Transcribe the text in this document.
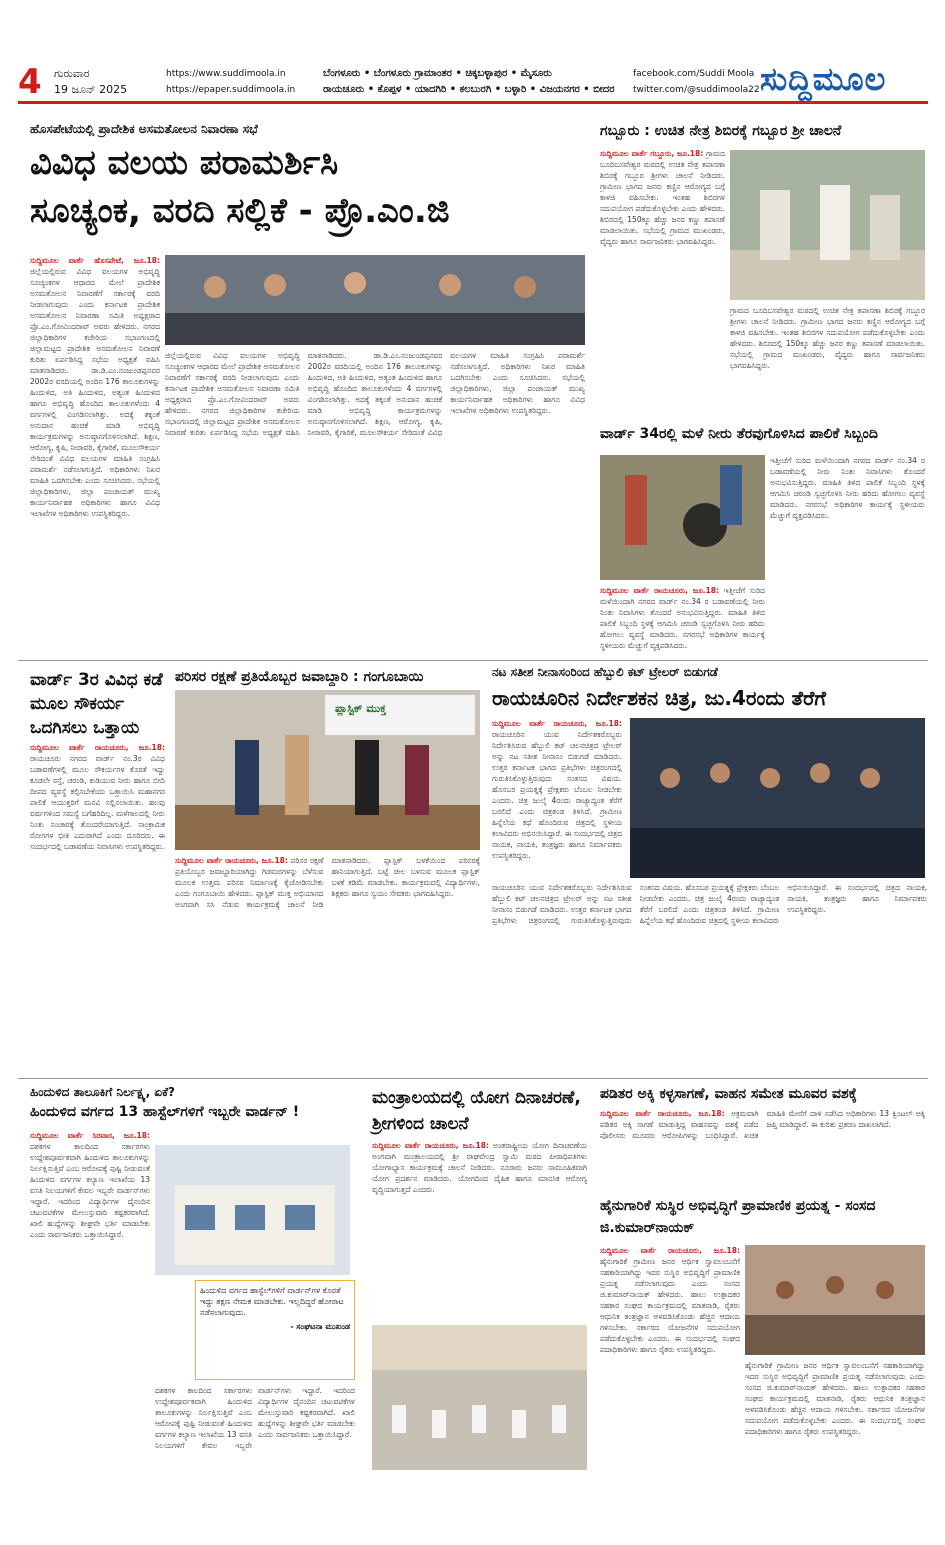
4 ಗುರುವಾರ
19 ಜೂನ್ 2025
https://www.suddimoola.in
https://epaper.suddimoola.in
ಬೆಂಗಳೂರು • ಬೆಂಗಳೂರು ಗ್ರಾಮಾಂತರ • ಚಿಕ್ಕಬಳ್ಳಾಪುರ • ಮೈಸೂರು
ರಾಯಚೂರು • ಕೊಪ್ಪಳ • ಯಾದಗಿರಿ • ಕಲಬುರಗಿ • ಬಳ್ಳಾರಿ • ವಿಜಯನಗರ • ಬೀದರ
facebook.com/Suddi Moola
twitter.com/@suddimoola22 ಸುದ್ದಿಮೂಲ
ಹೊಸಪೇಟೆಯಲ್ಲಿ ಪ್ರಾದೇಶಿಕ ಅಸಮತೋಲನ ನಿವಾರಣಾ ಸಭೆ
ವಿವಿಧ ವಲಯ ಪರಾಮರ್ಶಿಸಿ
ಸೂಚ್ಯಂಕ, ವರದಿ ಸಲ್ಲಿಕೆ - ಪ್ರೊ.ಎಂ.ಜಿ
ಸುದ್ದಿಮೂಲ ವಾರ್ತೆ ಹೊಸಪೇಟೆ, ಜೂ.18: ಜಿಲ್ಲೆಯಲ್ಲಿರುವ ವಿವಿಧ ವಲಯಗಳ ಅಭಿವೃದ್ಧಿ ಸೂಚ್ಯಂಕಗಳ ಆಧಾರದ ಮೇಲೆ ಪ್ರಾದೇಶಿಕ ಅಸಮತೋಲನ ನಿವಾರಣೆಗೆ ಸರ್ಕಾರಕ್ಕೆ ವರದಿ ನೀಡಲಾಗುವುದು ಎಂದು ಕರ್ನಾಟಕ ಪ್ರಾದೇಶಿಕ ಅಸಮತೋಲನ ನಿವಾರಣಾ ಸಮಿತಿ ಅಧ್ಯಕ್ಷರಾದ ಪ್ರೊ.ಎಂ.ಗೋವಿಂದರಾವ್ ಅವರು ಹೇಳಿದರು. ನಗರದ ಜಿಲ್ಲಾಧಿಕಾರಿಗಳ ಕಚೇರಿಯ ಸಭಾಂಗಣದಲ್ಲಿ ಜಿಲ್ಲಾಮಟ್ಟದ ಪ್ರಾದೇಶಿಕ ಅಸಮತೋಲನ ನಿವಾರಣೆ ಕುರಿತು ಏರ್ಪಡಿಸಿದ್ದ ಸಭೆಯ ಅಧ್ಯಕ್ಷತೆ ವಹಿಸಿ ಮಾತನಾಡಿದರು. ಡಾ.ಡಿ.ಎಂ.ನಂಜುಂಡಪ್ಪನವರ 2002ರ ವರದಿಯಲ್ಲಿ ಅಂದಿನ 176 ತಾಲೂಕುಗಳನ್ನು ಹಿಂದುಳಿದ, ಅತಿ ಹಿಂದುಳಿದ, ಅತ್ಯಂತ ಹಿಂದುಳಿದ ಹಾಗೂ ಅಭಿವೃದ್ಧಿ ಹೊಂದಿದ ತಾಲೂಕುಗಳೆಂದು 4 ವರ್ಗಗಳಲ್ಲಿ ವಿಂಗಡಿಸಲಾಗಿತ್ತು. ಅದಕ್ಕೆ ತಕ್ಕಂತೆ ಅನುದಾನ ಹಂಚಿಕೆ ಮಾಡಿ ಅಭಿವೃದ್ಧಿ ಕಾರ್ಯಕ್ರಮಗಳನ್ನು ಅನುಷ್ಠಾನಗೊಳಿಸಲಾಗಿದೆ. ಶಿಕ್ಷಣ, ಆರೋಗ್ಯ, ಕೃಷಿ, ನೀರಾವರಿ, ಕೈಗಾರಿಕೆ, ಮೂಲಸೌಕರ್ಯ ಸೇರಿದಂತೆ ವಿವಿಧ ವಲಯಗಳ ಮಾಹಿತಿ ಸಂಗ್ರಹಿಸಿ ಪರಾಮರ್ಶೆ ನಡೆಸಲಾಗುತ್ತಿದೆ. ಅಧಿಕಾರಿಗಳು ನಿಖರ ಮಾಹಿತಿ ಒದಗಿಸಬೇಕು ಎಂದು ಸೂಚಿಸಿದರು. ಸಭೆಯಲ್ಲಿ ಜಿಲ್ಲಾಧಿಕಾರಿಗಳು, ಜಿಲ್ಲಾ ಪಂಚಾಯತ್ ಮುಖ್ಯ ಕಾರ್ಯನಿರ್ವಾಹಕ ಅಧಿಕಾರಿಗಳು ಹಾಗೂ ವಿವಿಧ ಇಲಾಖೆಗಳ ಅಧಿಕಾರಿಗಳು ಉಪಸ್ಥಿತರಿದ್ದರು.
ಜಿಲ್ಲೆಯಲ್ಲಿರುವ ವಿವಿಧ ವಲಯಗಳ ಅಭಿವೃದ್ಧಿ ಸೂಚ್ಯಂಕಗಳ ಆಧಾರದ ಮೇಲೆ ಪ್ರಾದೇಶಿಕ ಅಸಮತೋಲನ ನಿವಾರಣೆಗೆ ಸರ್ಕಾರಕ್ಕೆ ವರದಿ ನೀಡಲಾಗುವುದು ಎಂದು ಕರ್ನಾಟಕ ಪ್ರಾದೇಶಿಕ ಅಸಮತೋಲನ ನಿವಾರಣಾ ಸಮಿತಿ ಅಧ್ಯಕ್ಷರಾದ ಪ್ರೊ.ಎಂ.ಗೋವಿಂದರಾವ್ ಅವರು ಹೇಳಿದರು. ನಗರದ ಜಿಲ್ಲಾಧಿಕಾರಿಗಳ ಕಚೇರಿಯ ಸಭಾಂಗಣದಲ್ಲಿ ಜಿಲ್ಲಾಮಟ್ಟದ ಪ್ರಾದೇಶಿಕ ಅಸಮತೋಲನ ನಿವಾರಣೆ ಕುರಿತು ಏರ್ಪಡಿಸಿದ್ದ ಸಭೆಯ ಅಧ್ಯಕ್ಷತೆ ವಹಿಸಿ ಮಾತನಾಡಿದರು. ಡಾ.ಡಿ.ಎಂ.ನಂಜುಂಡಪ್ಪನವರ 2002ರ ವರದಿಯಲ್ಲಿ ಅಂದಿನ 176 ತಾಲೂಕುಗಳನ್ನು ಹಿಂದುಳಿದ, ಅತಿ ಹಿಂದುಳಿದ, ಅತ್ಯಂತ ಹಿಂದುಳಿದ ಹಾಗೂ ಅಭಿವೃದ್ಧಿ ಹೊಂದಿದ ತಾಲೂಕುಗಳೆಂದು 4 ವರ್ಗಗಳಲ್ಲಿ ವಿಂಗಡಿಸಲಾಗಿತ್ತು. ಅದಕ್ಕೆ ತಕ್ಕಂತೆ ಅನುದಾನ ಹಂಚಿಕೆ ಮಾಡಿ ಅಭಿವೃದ್ಧಿ ಕಾರ್ಯಕ್ರಮಗಳನ್ನು ಅನುಷ್ಠಾನಗೊಳಿಸಲಾಗಿದೆ. ಶಿಕ್ಷಣ, ಆರೋಗ್ಯ, ಕೃಷಿ, ನೀರಾವರಿ, ಕೈಗಾರಿಕೆ, ಮೂಲಸೌಕರ್ಯ ಸೇರಿದಂತೆ ವಿವಿಧ ವಲಯಗಳ ಮಾಹಿತಿ ಸಂಗ್ರಹಿಸಿ ಪರಾಮರ್ಶೆ ನಡೆಸಲಾಗುತ್ತಿದೆ. ಅಧಿಕಾರಿಗಳು ನಿಖರ ಮಾಹಿತಿ ಒದಗಿಸಬೇಕು ಎಂದು ಸೂಚಿಸಿದರು. ಸಭೆಯಲ್ಲಿ ಜಿಲ್ಲಾಧಿಕಾರಿಗಳು, ಜಿಲ್ಲಾ ಪಂಚಾಯತ್ ಮುಖ್ಯ ಕಾರ್ಯನಿರ್ವಾಹಕ ಅಧಿಕಾರಿಗಳು ಹಾಗೂ ವಿವಿಧ ಇಲಾಖೆಗಳ ಅಧಿಕಾರಿಗಳು ಉಪಸ್ಥಿತರಿದ್ದರು.
ಗಬ್ಬೂರು : ಉಚಿತ ನೇತ್ರ ಶಿಬಿರಕ್ಕೆ ಗಬ್ಬೂರ ಶ್ರೀ ಚಾಲನೆ
ಸುದ್ದಿಮೂಲ ವಾರ್ತೆ ಗಬ್ಬೂರು, ಜೂ.18: ಗ್ರಾಮದ ಬೂದಿಬಸವೇಶ್ವರ ಮಠದಲ್ಲಿ ಉಚಿತ ನೇತ್ರ ತಪಾಸಣಾ ಶಿಬಿರಕ್ಕೆ ಗಬ್ಬೂರ ಶ್ರೀಗಳು ಚಾಲನೆ ನೀಡಿದರು. ಗ್ರಾಮೀಣ ಭಾಗದ ಜನರು ಕಣ್ಣಿನ ಆರೋಗ್ಯದ ಬಗ್ಗೆ ಕಾಳಜಿ ವಹಿಸಬೇಕು. ಇಂತಹ ಶಿಬಿರಗಳ ಸದುಪಯೋಗ ಪಡೆದುಕೊಳ್ಳಬೇಕು ಎಂದು ಹೇಳಿದರು. ಶಿಬಿರದಲ್ಲಿ 150ಕ್ಕೂ ಹೆಚ್ಚು ಜನರ ಕಣ್ಣು ತಪಾಸಣೆ ಮಾಡಲಾಯಿತು. ಸಭೆಯಲ್ಲಿ ಗ್ರಾಮದ ಮುಖಂಡರು, ವೈದ್ಯರು ಹಾಗೂ ಸಾರ್ವಜನಿಕರು ಭಾಗವಹಿಸಿದ್ದರು.
ಗ್ರಾಮದ ಬೂದಿಬಸವೇಶ್ವರ ಮಠದಲ್ಲಿ ಉಚಿತ ನೇತ್ರ ತಪಾಸಣಾ ಶಿಬಿರಕ್ಕೆ ಗಬ್ಬೂರ ಶ್ರೀಗಳು ಚಾಲನೆ ನೀಡಿದರು. ಗ್ರಾಮೀಣ ಭಾಗದ ಜನರು ಕಣ್ಣಿನ ಆರೋಗ್ಯದ ಬಗ್ಗೆ ಕಾಳಜಿ ವಹಿಸಬೇಕು. ಇಂತಹ ಶಿಬಿರಗಳ ಸದುಪಯೋಗ ಪಡೆದುಕೊಳ್ಳಬೇಕು ಎಂದು ಹೇಳಿದರು. ಶಿಬಿರದಲ್ಲಿ 150ಕ್ಕೂ ಹೆಚ್ಚು ಜನರ ಕಣ್ಣು ತಪಾಸಣೆ ಮಾಡಲಾಯಿತು. ಸಭೆಯಲ್ಲಿ ಗ್ರಾಮದ ಮುಖಂಡರು, ವೈದ್ಯರು ಹಾಗೂ ಸಾರ್ವಜನಿಕರು ಭಾಗವಹಿಸಿದ್ದರು.
ವಾರ್ಡ್ 34ರಲ್ಲಿ ಮಳೆ ನೀರು ತೆರವುಗೊಳಿಸಿದ ಪಾಲಿಕೆ ಸಿಬ್ಬಂದಿ
ಸುದ್ದಿಮೂಲ ವಾರ್ತೆ ರಾಯಚೂರು, ಜೂ.18: ಇತ್ತೀಚೆಗೆ ಸುರಿದ ಮಳೆಯಿಂದಾಗಿ ನಗರದ ವಾರ್ಡ್ ನಂ.34 ರ ಬಡಾವಣೆಯಲ್ಲಿ ನೀರು ನಿಂತು ನಿವಾಸಿಗಳು ತೊಂದರೆ ಅನುಭವಿಸುತ್ತಿದ್ದರು. ಮಾಹಿತಿ ತಿಳಿದ ಪಾಲಿಕೆ ಸಿಬ್ಬಂದಿ ಸ್ಥಳಕ್ಕೆ ಆಗಮಿಸಿ ಚರಂಡಿ ಸ್ವಚ್ಛಗೊಳಿಸಿ ನೀರು ಹರಿದು ಹೋಗಲು ವ್ಯವಸ್ಥೆ ಮಾಡಿದರು. ನಗರಸಭೆ ಅಧಿಕಾರಿಗಳ ಕಾರ್ಯಕ್ಕೆ ಸ್ಥಳೀಯರು ಮೆಚ್ಚುಗೆ ವ್ಯಕ್ತಪಡಿಸಿದರು.
ಇತ್ತೀಚೆಗೆ ಸುರಿದ ಮಳೆಯಿಂದಾಗಿ ನಗರದ ವಾರ್ಡ್ ನಂ.34 ರ ಬಡಾವಣೆಯಲ್ಲಿ ನೀರು ನಿಂತು ನಿವಾಸಿಗಳು ತೊಂದರೆ ಅನುಭವಿಸುತ್ತಿದ್ದರು. ಮಾಹಿತಿ ತಿಳಿದ ಪಾಲಿಕೆ ಸಿಬ್ಬಂದಿ ಸ್ಥಳಕ್ಕೆ ಆಗಮಿಸಿ ಚರಂಡಿ ಸ್ವಚ್ಛಗೊಳಿಸಿ ನೀರು ಹರಿದು ಹೋಗಲು ವ್ಯವಸ್ಥೆ ಮಾಡಿದರು. ನಗರಸಭೆ ಅಧಿಕಾರಿಗಳ ಕಾರ್ಯಕ್ಕೆ ಸ್ಥಳೀಯರು ಮೆಚ್ಚುಗೆ ವ್ಯಕ್ತಪಡಿಸಿದರು.
ವಾರ್ಡ್ 3ರ ವಿವಿಧ ಕಡೆ ಮೂಲ ಸೌಕರ್ಯ ಒದಗಿಸಲು ಒತ್ತಾಯ
ಸುದ್ದಿಮೂಲ ವಾರ್ತೆ ರಾಯಚೂರು, ಜೂ.18: ರಾಯಚೂರು ನಗರದ ವಾರ್ಡ್ ನಂ.3ರ ವಿವಿಧ ಬಡಾವಣೆಗಳಲ್ಲಿ ಮೂಲ ಸೌಕರ್ಯಗಳ ಕೊರತೆ ಇದ್ದು ಕೂಡಲೇ ರಸ್ತೆ, ಚರಂಡಿ, ಕುಡಿಯುವ ನೀರು ಹಾಗೂ ಬೀದಿ ದೀಪದ ವ್ಯವಸ್ಥೆ ಕಲ್ಪಿಸಬೇಕೆಂದು ಒತ್ತಾಯಿಸಿ ಮಹಾನಗರ ಪಾಲಿಕೆ ಆಯುಕ್ತರಿಗೆ ಮನವಿ ಸಲ್ಲಿಸಲಾಯಿತು. ಹಲವು ವರ್ಷಗಳಿಂದ ಸಮಸ್ಯೆ ಬಗೆಹರಿದಿಲ್ಲ. ಮಳೆಗಾಲದಲ್ಲಿ ನೀರು ನಿಂತು ಸಂಚಾರಕ್ಕೆ ತೊಂದರೆಯಾಗುತ್ತಿದೆ. ಸಾಂಕ್ರಾಮಿಕ ರೋಗಗಳ ಭೀತಿ ಎದುರಾಗಿದೆ ಎಂದು ದೂರಿದರು. ಈ ಸಂದರ್ಭದಲ್ಲಿ ಬಡಾವಣೆಯ ನಿವಾಸಿಗಳು ಉಪಸ್ಥಿತರಿದ್ದರು.
ಪರಿಸರ ರಕ್ಷಣೆ ಪ್ರತಿಯೊಬ್ಬರ ಜವಾಬ್ದಾರಿ : ಗಂಗೂಬಾಯಿ
ಪ್ಲಾಸ್ಟಿಕ್ ಮುಕ್ತ
ಸುದ್ದಿಮೂಲ ವಾರ್ತೆ ರಾಯಚೂರು, ಜೂ.18: ಪರಿಸರ ರಕ್ಷಣೆ ಪ್ರತಿಯೊಬ್ಬರ ಜವಾಬ್ದಾರಿಯಾಗಿದ್ದು ಗಿಡಮರಗಳನ್ನು ಬೆಳೆಸುವ ಮೂಲಕ ಉತ್ತಮ ಪರಿಸರ ನಿರ್ಮಾಣಕ್ಕೆ ಕೈಜೋಡಿಸಬೇಕು ಎಂದು ಗಂಗೂಬಾಯಿ ಹೇಳಿದರು. ಪ್ಲಾಸ್ಟಿಕ್ ಮುಕ್ತ ಅಭಿಯಾನದ ಅಂಗವಾಗಿ ಸಸಿ ನೆಡುವ ಕಾರ್ಯಕ್ರಮಕ್ಕೆ ಚಾಲನೆ ನೀಡಿ ಮಾತನಾಡಿದರು. ಪ್ಲಾಸ್ಟಿಕ್ ಬಳಕೆಯಿಂದ ಪರಿಸರಕ್ಕೆ ಹಾನಿಯಾಗುತ್ತಿದೆ. ಬಟ್ಟೆ ಚೀಲ ಬಳಸುವ ಮೂಲಕ ಪ್ಲಾಸ್ಟಿಕ್ ಬಳಕೆ ಕಡಿಮೆ ಮಾಡಬೇಕು. ಕಾರ್ಯಕ್ರಮದಲ್ಲಿ ವಿದ್ಯಾರ್ಥಿಗಳು, ಶಿಕ್ಷಕರು ಹಾಗೂ ಸ್ವಯಂ ಸೇವಕರು ಭಾಗವಹಿಸಿದ್ದರು.
ನಟ ಸತೀಶ ನೀನಾಸಂರಿಂದ ಹೆಬ್ಬುಲಿ ಕಟ್ ಟ್ರೇಲರ್ ಬಿಡುಗಡೆ
ರಾಯಚೂರಿನ ನಿರ್ದೇಶಕನ ಚಿತ್ರ, ಜು.4ರಂದು ತೆರೆಗೆ
ಸುದ್ದಿಮೂಲ ವಾರ್ತೆ ರಾಯಚೂರು, ಜೂ.18: ರಾಯಚೂರಿನ ಯುವ ನಿರ್ದೇಶಕರೊಬ್ಬರು ನಿರ್ದೇಶಿಸಿರುವ ಹೆಬ್ಬುಲಿ ಕಟ್ ಚಲನಚಿತ್ರದ ಟ್ರೇಲರ್ ಅನ್ನು ನಟ ಸತೀಶ ನೀನಾಸಂ ಬಿಡುಗಡೆ ಮಾಡಿದರು. ಉತ್ತರ ಕರ್ನಾಟಕ ಭಾಗದ ಪ್ರತಿಭೆಗಳು ಚಿತ್ರರಂಗದಲ್ಲಿ ಗುರುತಿಸಿಕೊಳ್ಳುತ್ತಿರುವುದು ಸಂತಸದ ವಿಷಯ. ಹೊಸಬರ ಪ್ರಯತ್ನಕ್ಕೆ ಪ್ರೇಕ್ಷಕರು ಬೆಂಬಲ ನೀಡಬೇಕು ಎಂದರು. ಚಿತ್ರ ಜುಲೈ 4ರಂದು ರಾಜ್ಯಾದ್ಯಂತ ತೆರೆಗೆ ಬರಲಿದೆ ಎಂದು ಚಿತ್ರತಂಡ ತಿಳಿಸಿದೆ. ಗ್ರಾಮೀಣ ಹಿನ್ನೆಲೆಯ ಕಥೆ ಹೊಂದಿರುವ ಚಿತ್ರದಲ್ಲಿ ಸ್ಥಳೀಯ ಕಲಾವಿದರು ಅಭಿನಯಿಸಿದ್ದಾರೆ. ಈ ಸಂದರ್ಭದಲ್ಲಿ ಚಿತ್ರದ ನಾಯಕ, ನಾಯಕಿ, ತಂತ್ರಜ್ಞರು ಹಾಗೂ ನಿರ್ಮಾಪಕರು ಉಪಸ್ಥಿತರಿದ್ದರು.
ರಾಯಚೂರಿನ ಯುವ ನಿರ್ದೇಶಕರೊಬ್ಬರು ನಿರ್ದೇಶಿಸಿರುವ ಹೆಬ್ಬುಲಿ ಕಟ್ ಚಲನಚಿತ್ರದ ಟ್ರೇಲರ್ ಅನ್ನು ನಟ ಸತೀಶ ನೀನಾಸಂ ಬಿಡುಗಡೆ ಮಾಡಿದರು. ಉತ್ತರ ಕರ್ನಾಟಕ ಭಾಗದ ಪ್ರತಿಭೆಗಳು ಚಿತ್ರರಂಗದಲ್ಲಿ ಗುರುತಿಸಿಕೊಳ್ಳುತ್ತಿರುವುದು ಸಂತಸದ ವಿಷಯ. ಹೊಸಬರ ಪ್ರಯತ್ನಕ್ಕೆ ಪ್ರೇಕ್ಷಕರು ಬೆಂಬಲ ನೀಡಬೇಕು ಎಂದರು. ಚಿತ್ರ ಜುಲೈ 4ರಂದು ರಾಜ್ಯಾದ್ಯಂತ ತೆರೆಗೆ ಬರಲಿದೆ ಎಂದು ಚಿತ್ರತಂಡ ತಿಳಿಸಿದೆ. ಗ್ರಾಮೀಣ ಹಿನ್ನೆಲೆಯ ಕಥೆ ಹೊಂದಿರುವ ಚಿತ್ರದಲ್ಲಿ ಸ್ಥಳೀಯ ಕಲಾವಿದರು ಅಭಿನಯಿಸಿದ್ದಾರೆ. ಈ ಸಂದರ್ಭದಲ್ಲಿ ಚಿತ್ರದ ನಾಯಕ, ನಾಯಕಿ, ತಂತ್ರಜ್ಞರು ಹಾಗೂ ನಿರ್ಮಾಪಕರು ಉಪಸ್ಥಿತರಿದ್ದರು.
ಹಿಂದುಳಿದ ತಾಲೂಕಿಗೆ ನಿರ್ಲಕ್ಷ್ಯ, ಏಕೆ?
ಹಿಂದುಳಿದ ವರ್ಗದ 13 ಹಾಸ್ಟೆಲ್‌ಗಳಿಗೆ ಇಬ್ಬರೇ ವಾರ್ಡನ್ !
ಸುದ್ದಿಮೂಲ ವಾರ್ತೆ ಸಿರವಾರ, ಜೂ.18: ದಶಕಗಳ ಕಾಲದಿಂದ ಸರ್ಕಾರಗಳು ಉದ್ದೇಶಪೂರ್ವಕವಾಗಿ ಹಿಂದುಳಿದ ತಾಲೂಕುಗಳನ್ನು ನಿರ್ಲಕ್ಷಿಸುತ್ತಿವೆ ಎಂಬ ಆರೋಪಕ್ಕೆ ಪುಷ್ಟಿ ನೀಡುವಂತೆ ಹಿಂದುಳಿದ ವರ್ಗಗಳ ಕಲ್ಯಾಣ ಇಲಾಖೆಯ 13 ವಸತಿ ನಿಲಯಗಳಿಗೆ ಕೇವಲ ಇಬ್ಬರೇ ವಾರ್ಡನ್‌ಗಳು ಇದ್ದಾರೆ. ಇದರಿಂದ ವಿದ್ಯಾರ್ಥಿಗಳ ದೈನಂದಿನ ಚಟುವಟಿಕೆಗಳ ಮೇಲುಸ್ತುವಾರಿ ಕಷ್ಟಕರವಾಗಿದೆ. ಖಾಲಿ ಹುದ್ದೆಗಳನ್ನು ಶೀಘ್ರವೇ ಭರ್ತಿ ಮಾಡಬೇಕು ಎಂದು ಸಾರ್ವಜನಿಕರು ಒತ್ತಾಯಿಸಿದ್ದಾರೆ.
ಹಿಂದುಳಿದ ವರ್ಗದ ಹಾಸ್ಟೆಲ್‌ಗಳಿಗೆ ವಾರ್ಡನ್‌ಗಳ ಕೊರತೆ ಇದ್ದು ತಕ್ಷಣ ನೇಮಕ ಮಾಡಬೇಕು. ಇಲ್ಲದಿದ್ದರೆ ಹೋರಾಟ ನಡೆಸಲಾಗುವುದು.
- ಸಂಘಟನಾ ಮುಖಂಡ
ದಶಕಗಳ ಕಾಲದಿಂದ ಸರ್ಕಾರಗಳು ಉದ್ದೇಶಪೂರ್ವಕವಾಗಿ ಹಿಂದುಳಿದ ತಾಲೂಕುಗಳನ್ನು ನಿರ್ಲಕ್ಷಿಸುತ್ತಿವೆ ಎಂಬ ಆರೋಪಕ್ಕೆ ಪುಷ್ಟಿ ನೀಡುವಂತೆ ಹಿಂದುಳಿದ ವರ್ಗಗಳ ಕಲ್ಯಾಣ ಇಲಾಖೆಯ 13 ವಸತಿ ನಿಲಯಗಳಿಗೆ ಕೇವಲ ಇಬ್ಬರೇ ವಾರ್ಡನ್‌ಗಳು ಇದ್ದಾರೆ. ಇದರಿಂದ ವಿದ್ಯಾರ್ಥಿಗಳ ದೈನಂದಿನ ಚಟುವಟಿಕೆಗಳ ಮೇಲುಸ್ತುವಾರಿ ಕಷ್ಟಕರವಾಗಿದೆ. ಖಾಲಿ ಹುದ್ದೆಗಳನ್ನು ಶೀಘ್ರವೇ ಭರ್ತಿ ಮಾಡಬೇಕು ಎಂದು ಸಾರ್ವಜನಿಕರು ಒತ್ತಾಯಿಸಿದ್ದಾರೆ.
ಮಂತ್ರಾಲಯದಲ್ಲಿ ಯೋಗ ದಿನಾಚರಣೆ, ಶ್ರೀಗಳಿಂದ ಚಾಲನೆ
ಸುದ್ದಿಮೂಲ ವಾರ್ತೆ ರಾಯಚೂರು, ಜೂ.18: ಅಂತರಾಷ್ಟ್ರೀಯ ಯೋಗ ದಿನಾಚರಣೆಯ ಅಂಗವಾಗಿ ಮಂತ್ರಾಲಯದಲ್ಲಿ ಶ್ರೀ ರಾಘವೇಂದ್ರ ಸ್ವಾಮಿ ಮಠದ ಪೀಠಾಧಿಪತಿಗಳು ಯೋಗಾಭ್ಯಾಸ ಕಾರ್ಯಕ್ರಮಕ್ಕೆ ಚಾಲನೆ ನೀಡಿದರು. ನೂರಾರು ಜನರು ಸಾಮೂಹಿಕವಾಗಿ ಯೋಗ ಪ್ರದರ್ಶನ ಮಾಡಿದರು. ಯೋಗದಿಂದ ದೈಹಿಕ ಹಾಗೂ ಮಾನಸಿಕ ಆರೋಗ್ಯ ವೃದ್ಧಿಯಾಗುತ್ತದೆ ಎಂದರು.
ಪಡಿತರ ಅಕ್ಕಿ ಕಳ್ಳಸಾಗಣೆ, ವಾಹನ ಸಮೇತ ಮೂವರ ವಶಕ್ಕೆ
ಸುದ್ದಿಮೂಲ ವಾರ್ತೆ ರಾಯಚೂರು, ಜೂ.18: ಅಕ್ರಮವಾಗಿ ಪಡಿತರ ಅಕ್ಕಿ ಸಾಗಣೆ ಮಾಡುತ್ತಿದ್ದ ವಾಹನವನ್ನು ವಶಕ್ಕೆ ಪಡೆದ ಪೊಲೀಸರು ಮೂವರು ಆರೋಪಿಗಳನ್ನು ಬಂಧಿಸಿದ್ದಾರೆ. ಖಚಿತ ಮಾಹಿತಿ ಮೇರೆಗೆ ದಾಳಿ ನಡೆಸಿದ ಅಧಿಕಾರಿಗಳು 13 ಕ್ವಿಂಟಲ್ ಅಕ್ಕಿ ಜಪ್ತಿ ಮಾಡಿದ್ದಾರೆ. ಈ ಕುರಿತು ಪ್ರಕರಣ ದಾಖಲಾಗಿದೆ.
ಹೈನುಗಾರಿಕೆ ಸುಸ್ಥಿರ ಅಭಿವೃದ್ಧಿಗೆ ಪ್ರಾಮಾಣಿಕ ಪ್ರಯತ್ನ - ಸಂಸದ ಜಿ.ಕುಮಾರ್‌ನಾಯಕ್
ಸುದ್ದಿಮೂಲ ವಾರ್ತೆ ರಾಯಚೂರು, ಜೂ.18: ಹೈನುಗಾರಿಕೆ ಗ್ರಾಮೀಣ ಜನರ ಆರ್ಥಿಕ ಸ್ವಾವಲಂಬನೆಗೆ ಸಹಕಾರಿಯಾಗಿದ್ದು ಇದರ ಸುಸ್ಥಿರ ಅಭಿವೃದ್ಧಿಗೆ ಪ್ರಾಮಾಣಿಕ ಪ್ರಯತ್ನ ನಡೆಸಲಾಗುವುದು ಎಂದು ಸಂಸದ ಜಿ.ಕುಮಾರ್‌ನಾಯಕ್ ಹೇಳಿದರು. ಹಾಲು ಉತ್ಪಾದಕರ ಸಹಕಾರ ಸಂಘದ ಕಾರ್ಯಕ್ರಮದಲ್ಲಿ ಮಾತನಾಡಿ, ರೈತರು ಆಧುನಿಕ ತಂತ್ರಜ್ಞಾನ ಅಳವಡಿಸಿಕೊಂಡು ಹೆಚ್ಚಿನ ಆದಾಯ ಗಳಿಸಬೇಕು. ಸರ್ಕಾರದ ಯೋಜನೆಗಳ ಸದುಪಯೋಗ ಪಡೆದುಕೊಳ್ಳಬೇಕು ಎಂದರು. ಈ ಸಂದರ್ಭದಲ್ಲಿ ಸಂಘದ ಪದಾಧಿಕಾರಿಗಳು ಹಾಗೂ ರೈತರು ಉಪಸ್ಥಿತರಿದ್ದರು.
ಹೈನುಗಾರಿಕೆ ಗ್ರಾಮೀಣ ಜನರ ಆರ್ಥಿಕ ಸ್ವಾವಲಂಬನೆಗೆ ಸಹಕಾರಿಯಾಗಿದ್ದು ಇದರ ಸುಸ್ಥಿರ ಅಭಿವೃದ್ಧಿಗೆ ಪ್ರಾಮಾಣಿಕ ಪ್ರಯತ್ನ ನಡೆಸಲಾಗುವುದು ಎಂದು ಸಂಸದ ಜಿ.ಕುಮಾರ್‌ನಾಯಕ್ ಹೇಳಿದರು. ಹಾಲು ಉತ್ಪಾದಕರ ಸಹಕಾರ ಸಂಘದ ಕಾರ್ಯಕ್ರಮದಲ್ಲಿ ಮಾತನಾಡಿ, ರೈತರು ಆಧುನಿಕ ತಂತ್ರಜ್ಞಾನ ಅಳವಡಿಸಿಕೊಂಡು ಹೆಚ್ಚಿನ ಆದಾಯ ಗಳಿಸಬೇಕು. ಸರ್ಕಾರದ ಯೋಜನೆಗಳ ಸದುಪಯೋಗ ಪಡೆದುಕೊಳ್ಳಬೇಕು ಎಂದರು. ಈ ಸಂದರ್ಭದಲ್ಲಿ ಸಂಘದ ಪದಾಧಿಕಾರಿಗಳು ಹಾಗೂ ರೈತರು ಉಪಸ್ಥಿತರಿದ್ದರು.
